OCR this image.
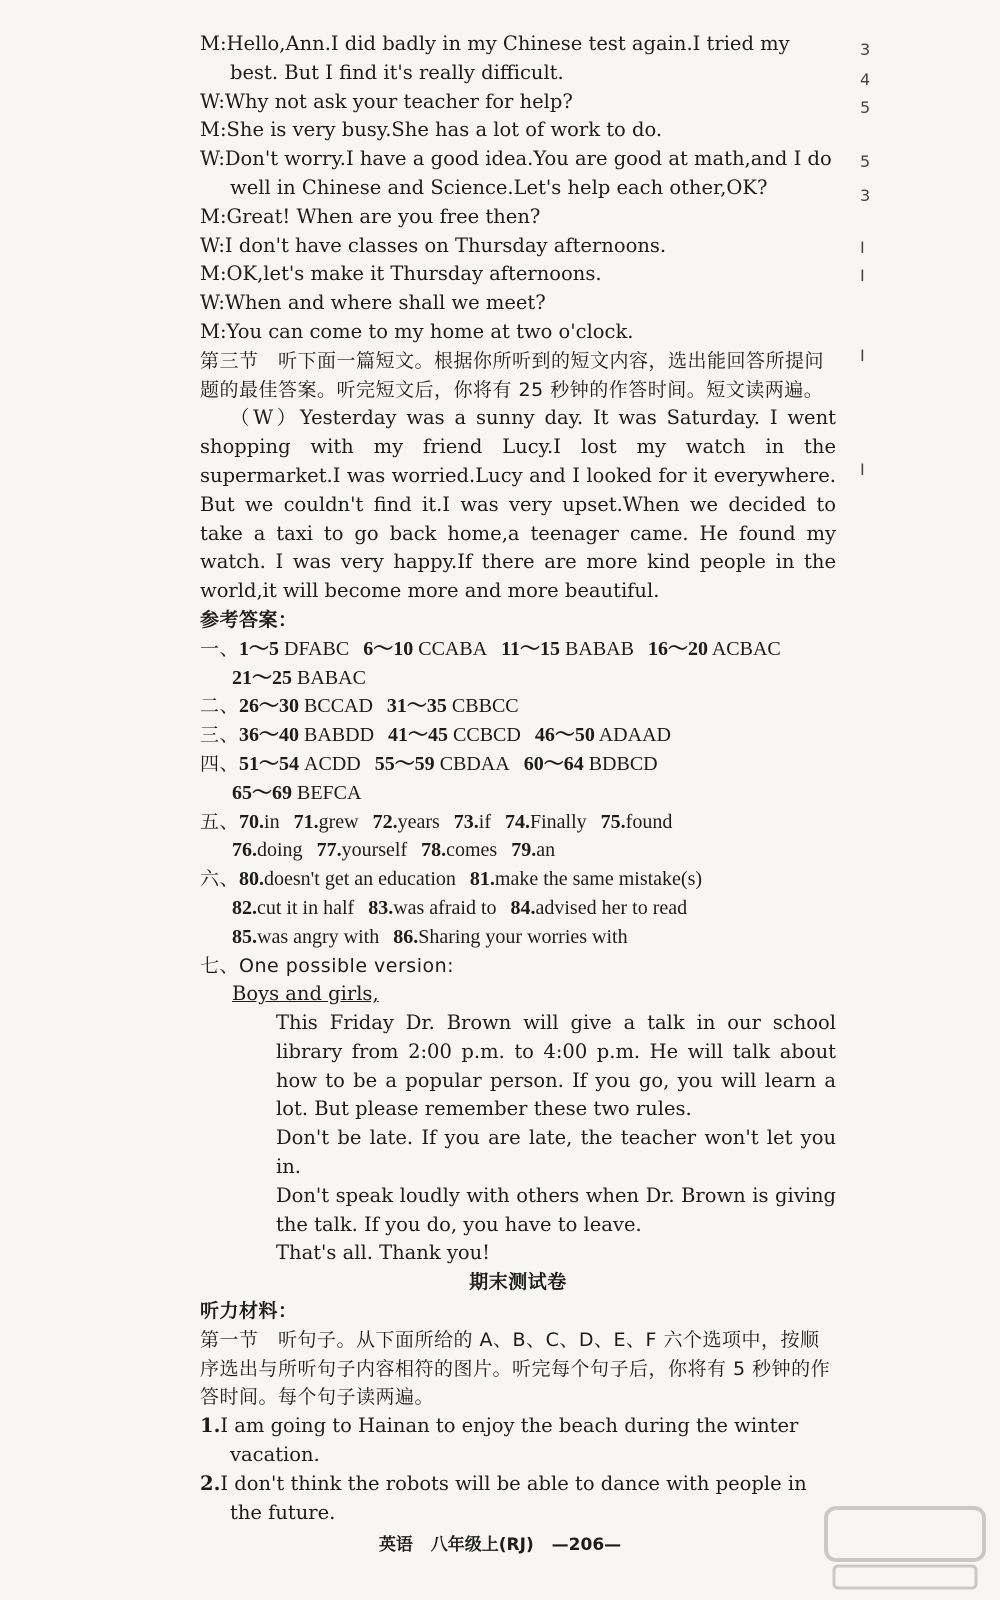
M:Hello,Ann.I did badly in my Chinese test again.I tried my best. But I find it's really difficult.
W:Why not ask your teacher for help?
M:She is very busy.She has a lot of work to do.
W:Don't worry.I have a good idea.You are good at math,and I do well in Chinese and Science.Let's help each other,OK?
M:Great! When are you free then?
W:I don't have classes on Thursday afternoons.
M:OK,let's make it Thursday afternoons.
W:When and where shall we meet?
M:You can come to my home at two o'clock.
第三节　听下面一篇短文。根据你所听到的短文内容，选出能回答所提问题的最佳答案。听完短文后，你将有 25 秒钟的作答时间。短文读两遍。
（W）Yesterday was a sunny day. It was Saturday. I went shopping with my friend Lucy.I lost my watch in the supermarket.I was worried.Lucy and I looked for it everywhere. But we couldn't find it.I was very upset.When we decided to take a taxi to go back home,a teenager came. He found my watch. I was very happy.If there are more kind people in the world,it will become more and more beautiful.
参考答案：
一、1～5 DFABC 6～10 CCABA 11～15 BABAB 16～20 ACBAC
21～25 BABAC
二、26～30 BCCAD 31～35 CBBCC
三、36～40 BABDD 41～45 CCBCD 46～50 ADAAD
四、51～54 ACDD 55～59 CBDAA 60～64 BDBCD
65～69 BEFCA
五、70.in 71.grew 72.years 73.if 74.Finally 75.found
76.doing 77.yourself 78.comes 79.an
六、80.doesn't get an education 81.make the same mistake(s)
82.cut it in half 83.was afraid to 84.advised her to read
85.was angry with 86.Sharing your worries with
七、One possible version:
Boys and girls,
This Friday Dr. Brown will give a talk in our school library from 2:00 p.m. to 4:00 p.m. He will talk about how to be a popular person. If you go, you will learn a lot. But please remember these two rules.
Don't be late. If you are late, the teacher won't let you in.
Don't speak loudly with others when Dr. Brown is giving the talk. If you do, you have to leave.
That's all. Thank you!
期末测试卷
听力材料：
第一节　听句子。从下面所给的 A、B、C、D、E、F 六个选项中，按顺序选出与所听句子内容相符的图片。听完每个句子后，你将有 5 秒钟的作答时间。每个句子读两遍。
1.I am going to Hainan to enjoy the beach during the winter vacation.
2.I don't think the robots will be able to dance with people in the future.
3
4
5
5
3
I
I
I
I
英语 八年级上(RJ) —206—
